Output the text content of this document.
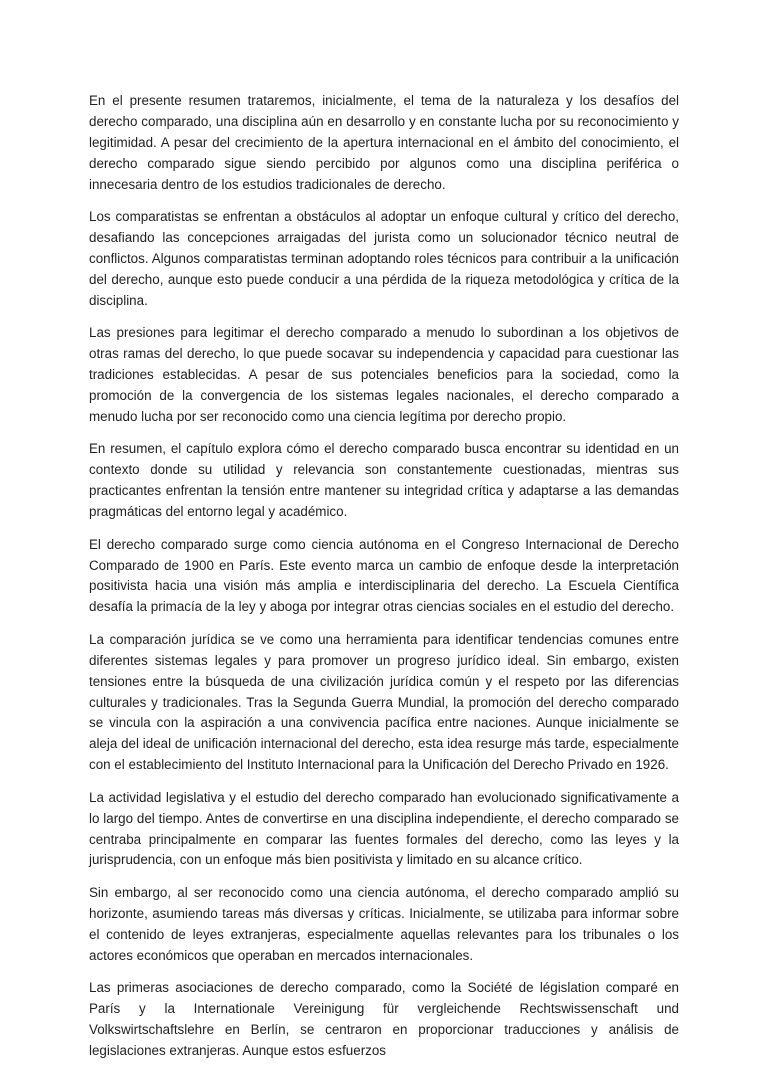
En el presente resumen trataremos, inicialmente, el tema de la naturaleza y los desafíos del derecho comparado, una disciplina aún en desarrollo y en constante lucha por su reconocimiento y legitimidad. A pesar del crecimiento de la apertura internacional en el ámbito del conocimiento, el derecho comparado sigue siendo percibido por algunos como una disciplina periférica o innecesaria dentro de los estudios tradicionales de derecho.

Los comparatistas se enfrentan a obstáculos al adoptar un enfoque cultural y crítico del derecho, desafiando las concepciones arraigadas del jurista como un solucionador técnico neutral de conflictos. Algunos comparatistas terminan adoptando roles técnicos para contribuir a la unificación del derecho, aunque esto puede conducir a una pérdida de la riqueza metodológica y crítica de la disciplina.

Las presiones para legitimar el derecho comparado a menudo lo subordinan a los objetivos de otras ramas del derecho, lo que puede socavar su independencia y capacidad para cuestionar las tradiciones establecidas. A pesar de sus potenciales beneficios para la sociedad, como la promoción de la convergencia de los sistemas legales nacionales, el derecho comparado a menudo lucha por ser reconocido como una ciencia legítima por derecho propio.

En resumen, el capítulo explora cómo el derecho comparado busca encontrar su identidad en un contexto donde su utilidad y relevancia son constantemente cuestionadas, mientras sus practicantes enfrentan la tensión entre mantener su integridad crítica y adaptarse a las demandas pragmáticas del entorno legal y académico.

El derecho comparado surge como ciencia autónoma en el Congreso Internacional de Derecho Comparado de 1900 en París. Este evento marca un cambio de enfoque desde la interpretación positivista hacia una visión más amplia e interdisciplinaria del derecho. La Escuela Científica desafía la primacía de la ley y aboga por integrar otras ciencias sociales en el estudio del derecho.

La comparación jurídica se ve como una herramienta para identificar tendencias comunes entre diferentes sistemas legales y para promover un progreso jurídico ideal. Sin embargo, existen tensiones entre la búsqueda de una civilización jurídica común y el respeto por las diferencias culturales y tradicionales. Tras la Segunda Guerra Mundial, la promoción del derecho comparado se vincula con la aspiración a una convivencia pacífica entre naciones. Aunque inicialmente se aleja del ideal de unificación internacional del derecho, esta idea resurge más tarde, especialmente con el establecimiento del Instituto Internacional para la Unificación del Derecho Privado en 1926.

La actividad legislativa y el estudio del derecho comparado han evolucionado significativamente a lo largo del tiempo. Antes de convertirse en una disciplina independiente, el derecho comparado se centraba principalmente en comparar las fuentes formales del derecho, como las leyes y la jurisprudencia, con un enfoque más bien positivista y limitado en su alcance crítico.

Sin embargo, al ser reconocido como una ciencia autónoma, el derecho comparado amplió su horizonte, asumiendo tareas más diversas y críticas. Inicialmente, se utilizaba para informar sobre el contenido de leyes extranjeras, especialmente aquellas relevantes para los tribunales o los actores económicos que operaban en mercados internacionales.

Las primeras asociaciones de derecho comparado, como la Société de législation comparé en París y la Internationale Vereinigung für vergleichende Rechtswissenschaft und Volkswirtschaftslehre en Berlín, se centraron en proporcionar traducciones y análisis de legislaciones extranjeras. Aunque estos esfuerzos
